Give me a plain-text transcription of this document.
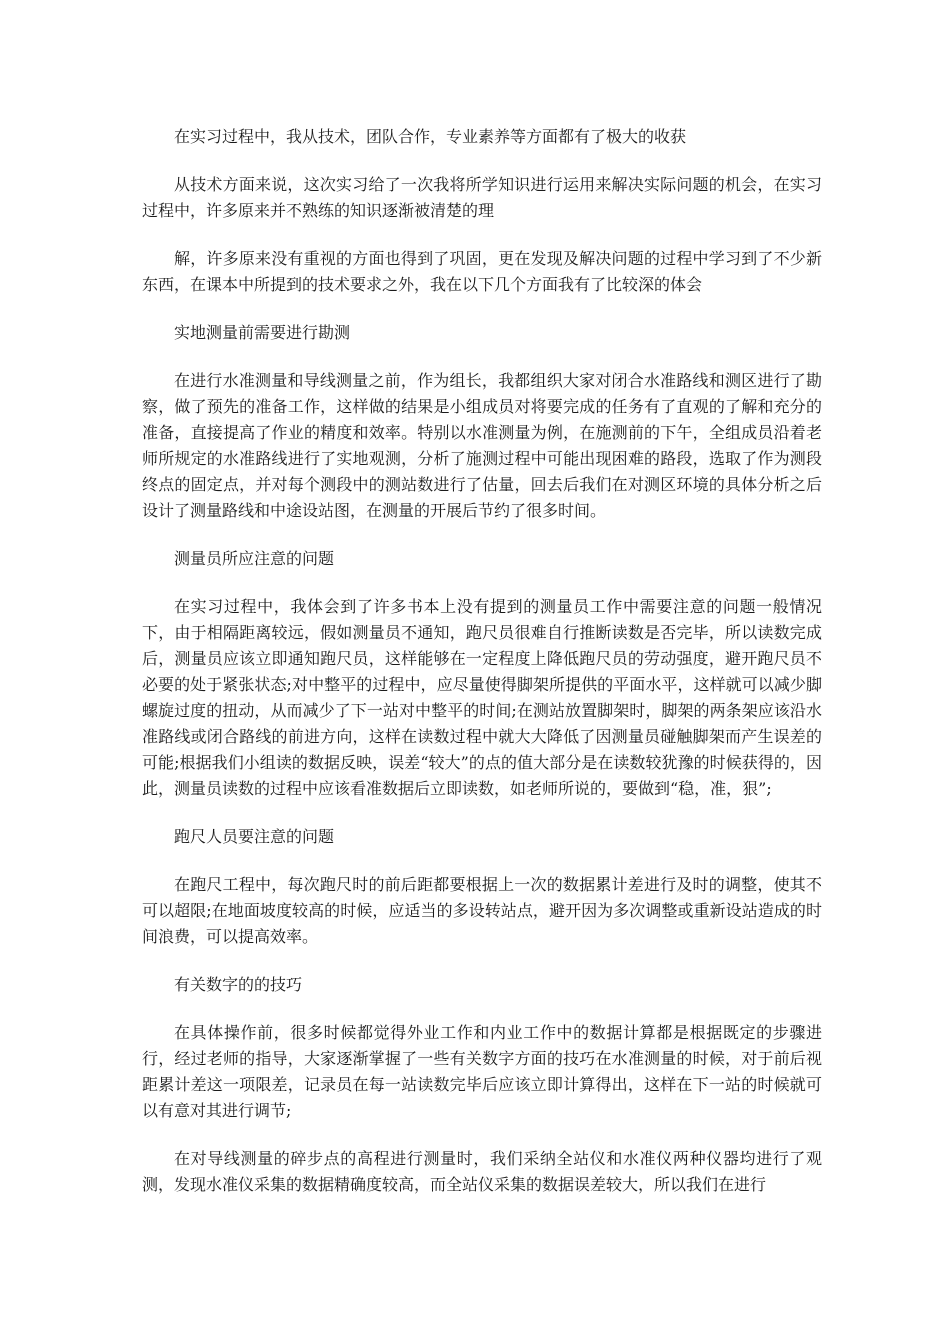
在实习过程中，我从技术，团队合作，专业素养等方面都有了极大的收获

从技术方面来说，这次实习给了一次我将所学知识进行运用来解决实际问题的机会，在实习过程中，许多原来并不熟练的知识逐渐被清楚的理

解，许多原来没有重视的方面也得到了巩固，更在发现及解决问题的过程中学习到了不少新东西，在课本中所提到的技术要求之外，我在以下几个方面我有了比较深的体会

实地测量前需要进行勘测

在进行水准测量和导线测量之前，作为组长，我都组织大家对闭合水准路线和测区进行了勘察，做了预先的准备工作，这样做的结果是小组成员对将要完成的任务有了直观的了解和充分的准备，直接提高了作业的精度和效率。特别以水准测量为例，在施测前的下午，全组成员沿着老师所规定的水准路线进行了实地观测，分析了施测过程中可能出现困难的路段，选取了作为测段终点的固定点，并对每个测段中的测站数进行了估量，回去后我们在对测区环境的具体分析之后设计了测量路线和中途设站图，在测量的开展后节约了很多时间。

测量员所应注意的问题

在实习过程中，我体会到了许多书本上没有提到的测量员工作中需要注意的问题一般情况下，由于相隔距离较远，假如测量员不通知，跑尺员很难自行推断读数是否完毕，所以读数完成后，测量员应该立即通知跑尺员，这样能够在一定程度上降低跑尺员的劳动强度，避开跑尺员不必要的处于紧张状态;对中整平的过程中，应尽量使得脚架所提供的平面水平，这样就可以减少脚螺旋过度的扭动，从而减少了下一站对中整平的时间;在测站放置脚架时，脚架的两条架应该沿水准路线或闭合路线的前进方向，这样在读数过程中就大大降低了因测量员碰触脚架而产生误差的可能;根据我们小组读的数据反映，误差“较大”的点的值大部分是在读数较犹豫的时候获得的，因此，测量员读数的过程中应该看准数据后立即读数，如老师所说的，要做到“稳，准，狠”;

跑尺人员要注意的问题

在跑尺工程中，每次跑尺时的前后距都要根据上一次的数据累计差进行及时的调整，使其不可以超限;在地面坡度较高的时候，应适当的多设转站点，避开因为多次调整或重新设站造成的时间浪费，可以提高效率。

有关数字的的技巧

在具体操作前，很多时候都觉得外业工作和内业工作中的数据计算都是根据既定的步骤进行，经过老师的指导，大家逐渐掌握了一些有关数字方面的技巧在水准测量的时候，对于前后视距累计差这一项限差，记录员在每一站读数完毕后应该立即计算得出，这样在下一站的时候就可以有意对其进行调节;

在对导线测量的碎步点的高程进行测量时，我们采纳全站仪和水准仪两种仪器均进行了观测，发现水准仪采集的数据精确度较高，而全站仪采集的数据误差较大，所以我们在进行
